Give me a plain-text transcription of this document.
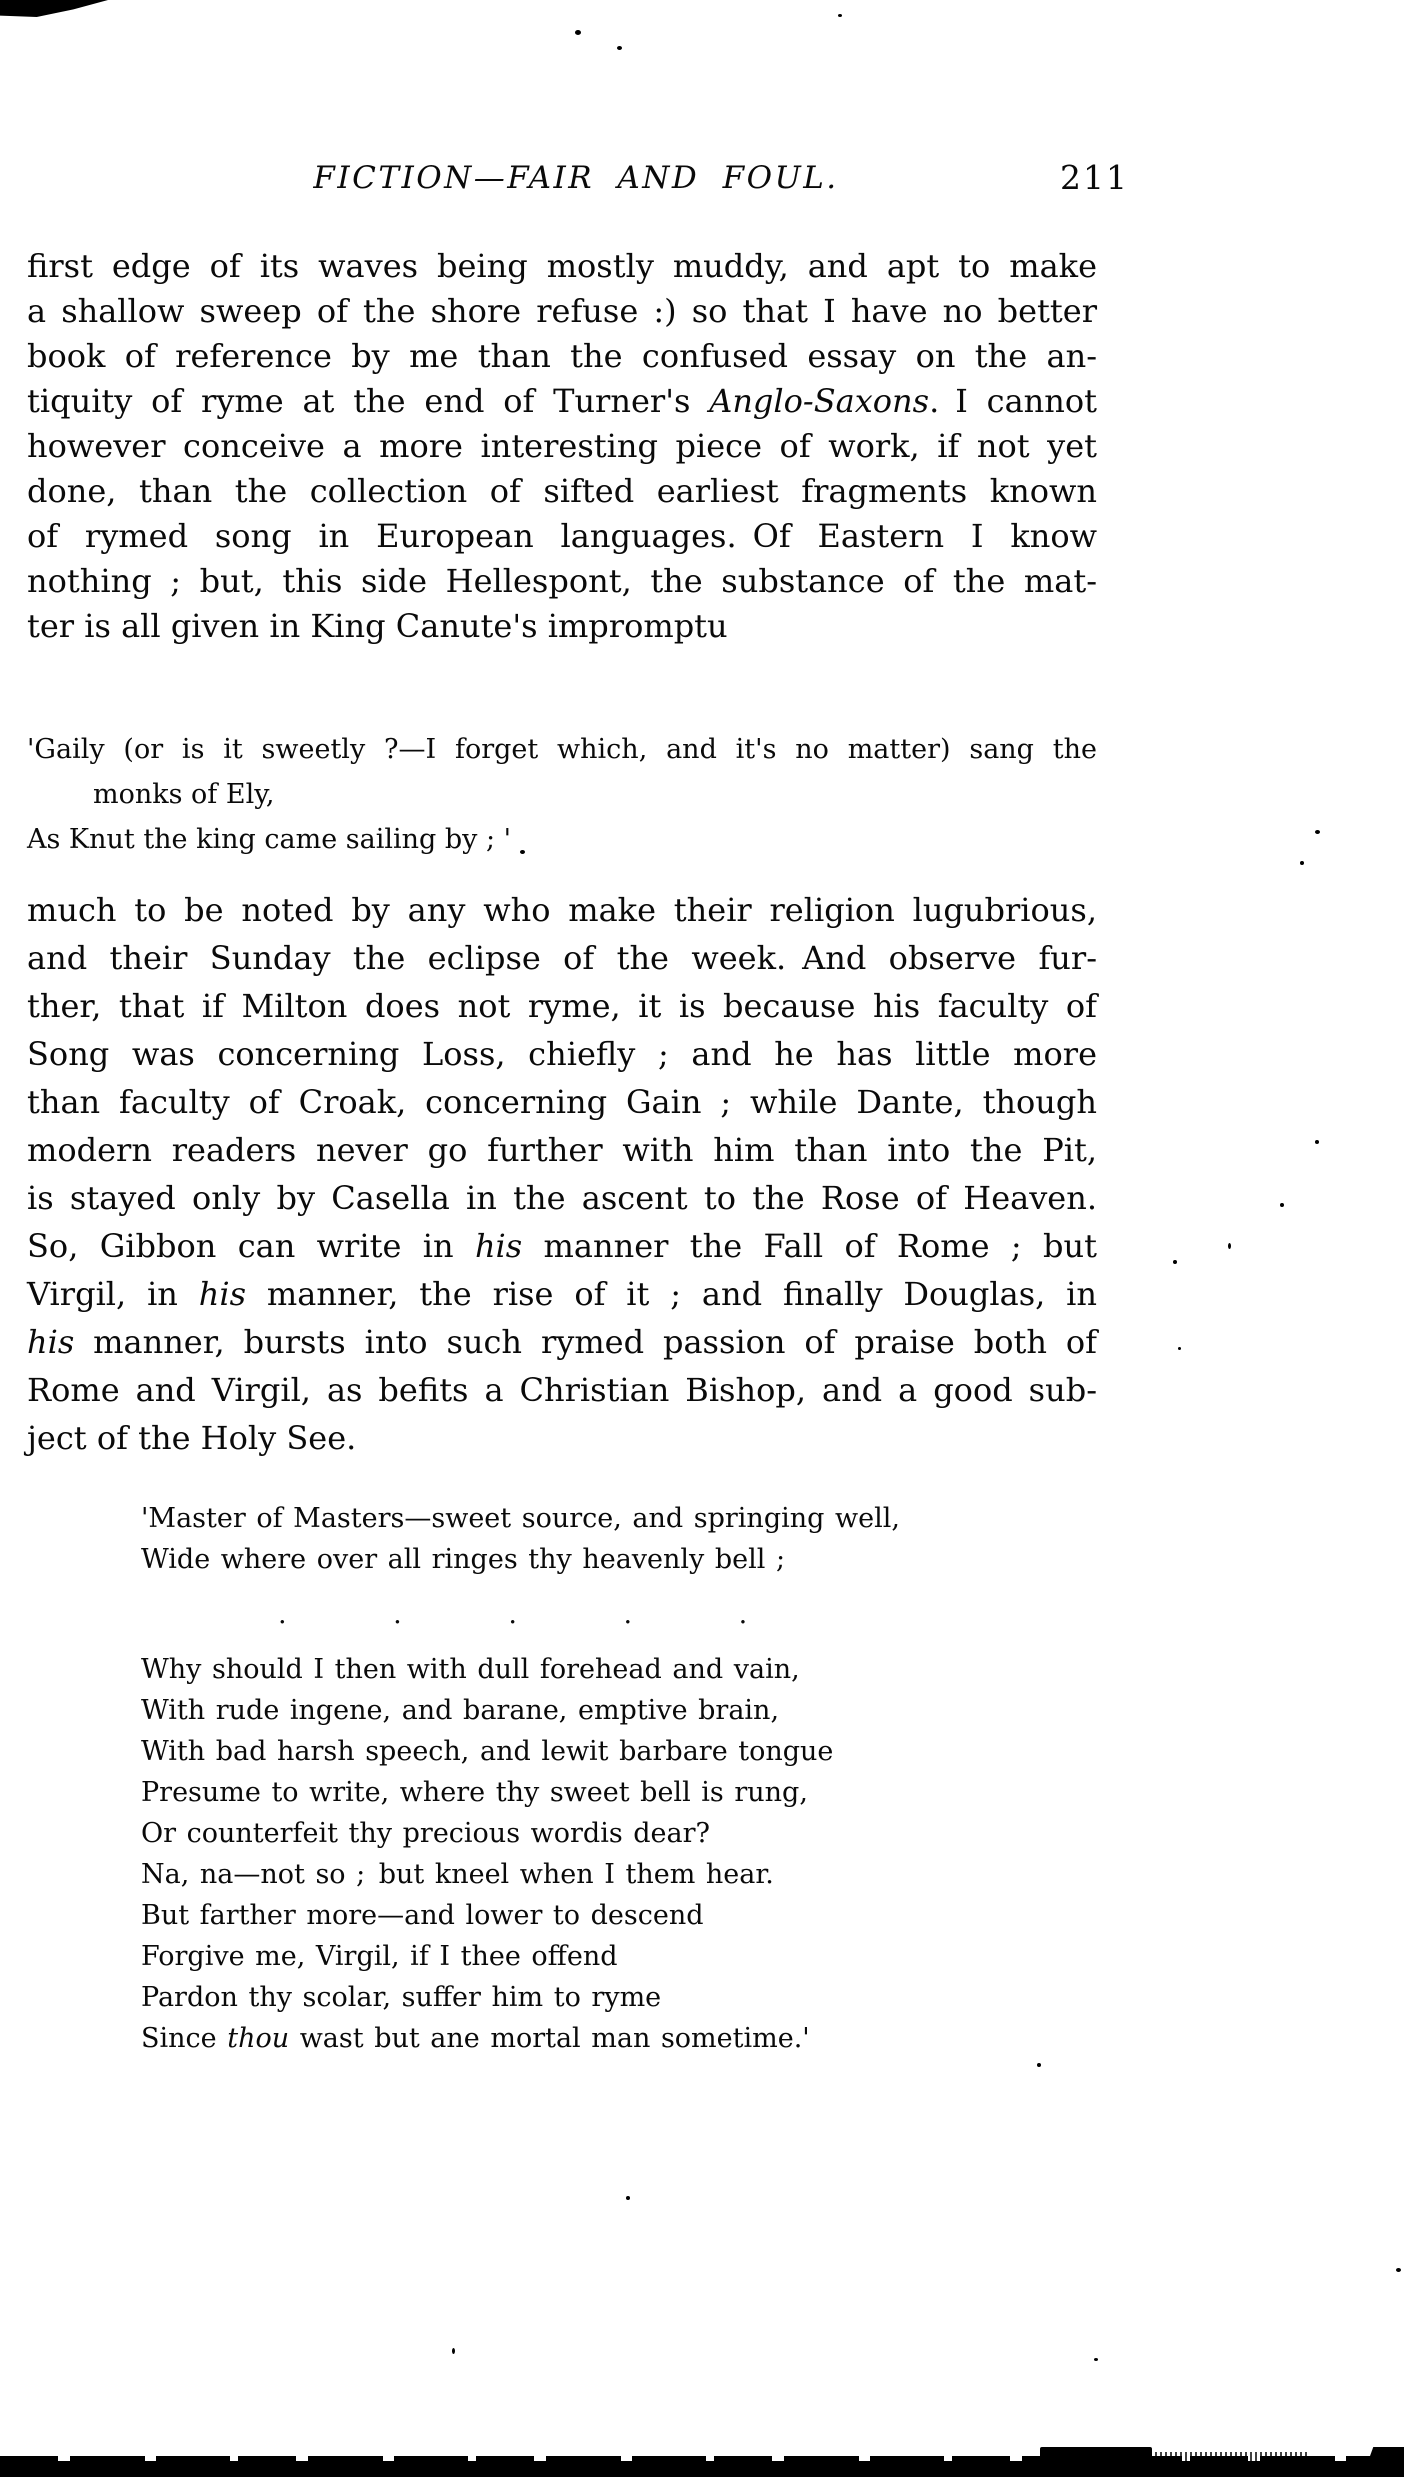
FICTION—FAIR AND FOUL.	211
first edge of its waves being mostly muddy, and apt to make
a shallow sweep of the shore refuse :) so that I have no better
book of reference by me than the confused essay on the an-
tiquity of ryme at the end of Turner's Anglo-Saxons. I cannot
however conceive a more interesting piece of work, if not yet
done, than the collection of sifted earliest fragments known
of rymed song in European languages. Of Eastern I know
nothing ; but, this side Hellespont, the substance of the mat-
ter is all given in King Canute's impromptu
'Gaily (or is it sweetly ?—I forget which, and it's no matter) sang the
monks of Ely,
As Knut the king came sailing by ; '
much to be noted by any who make their religion lugubrious,
and their Sunday the eclipse of the week. And observe fur-
ther, that if Milton does not ryme, it is because his faculty of
Song was concerning Loss, chiefly ; and he has little more
than faculty of Croak, concerning Gain ; while Dante, though
modern readers never go further with him than into the Pit,
is stayed only by Casella in the ascent to the Rose of Heaven.
So, Gibbon can write in his manner the Fall of Rome ; but
Virgil, in his manner, the rise of it ; and finally Douglas, in
his manner, bursts into such rymed passion of praise both of
Rome and Virgil, as befits a Christian Bishop, and a good sub-
ject of the Holy See.
'Master of Masters—sweet source, and springing well,
Wide where over all ringes thy heavenly bell ;
. . . . .
Why should I then with dull forehead and vain,
With rude ingene, and barane, emptive brain,
With bad harsh speech, and lewit barbare tongue
Presume to write, where thy sweet bell is rung,
Or counterfeit thy precious wordis dear?
Na, na—not so ; but kneel when I them hear.
But farther more—and lower to descend
Forgive me, Virgil, if I thee offend
Pardon thy scolar, suffer him to ryme
Since thou wast but ane mortal man sometime.'
